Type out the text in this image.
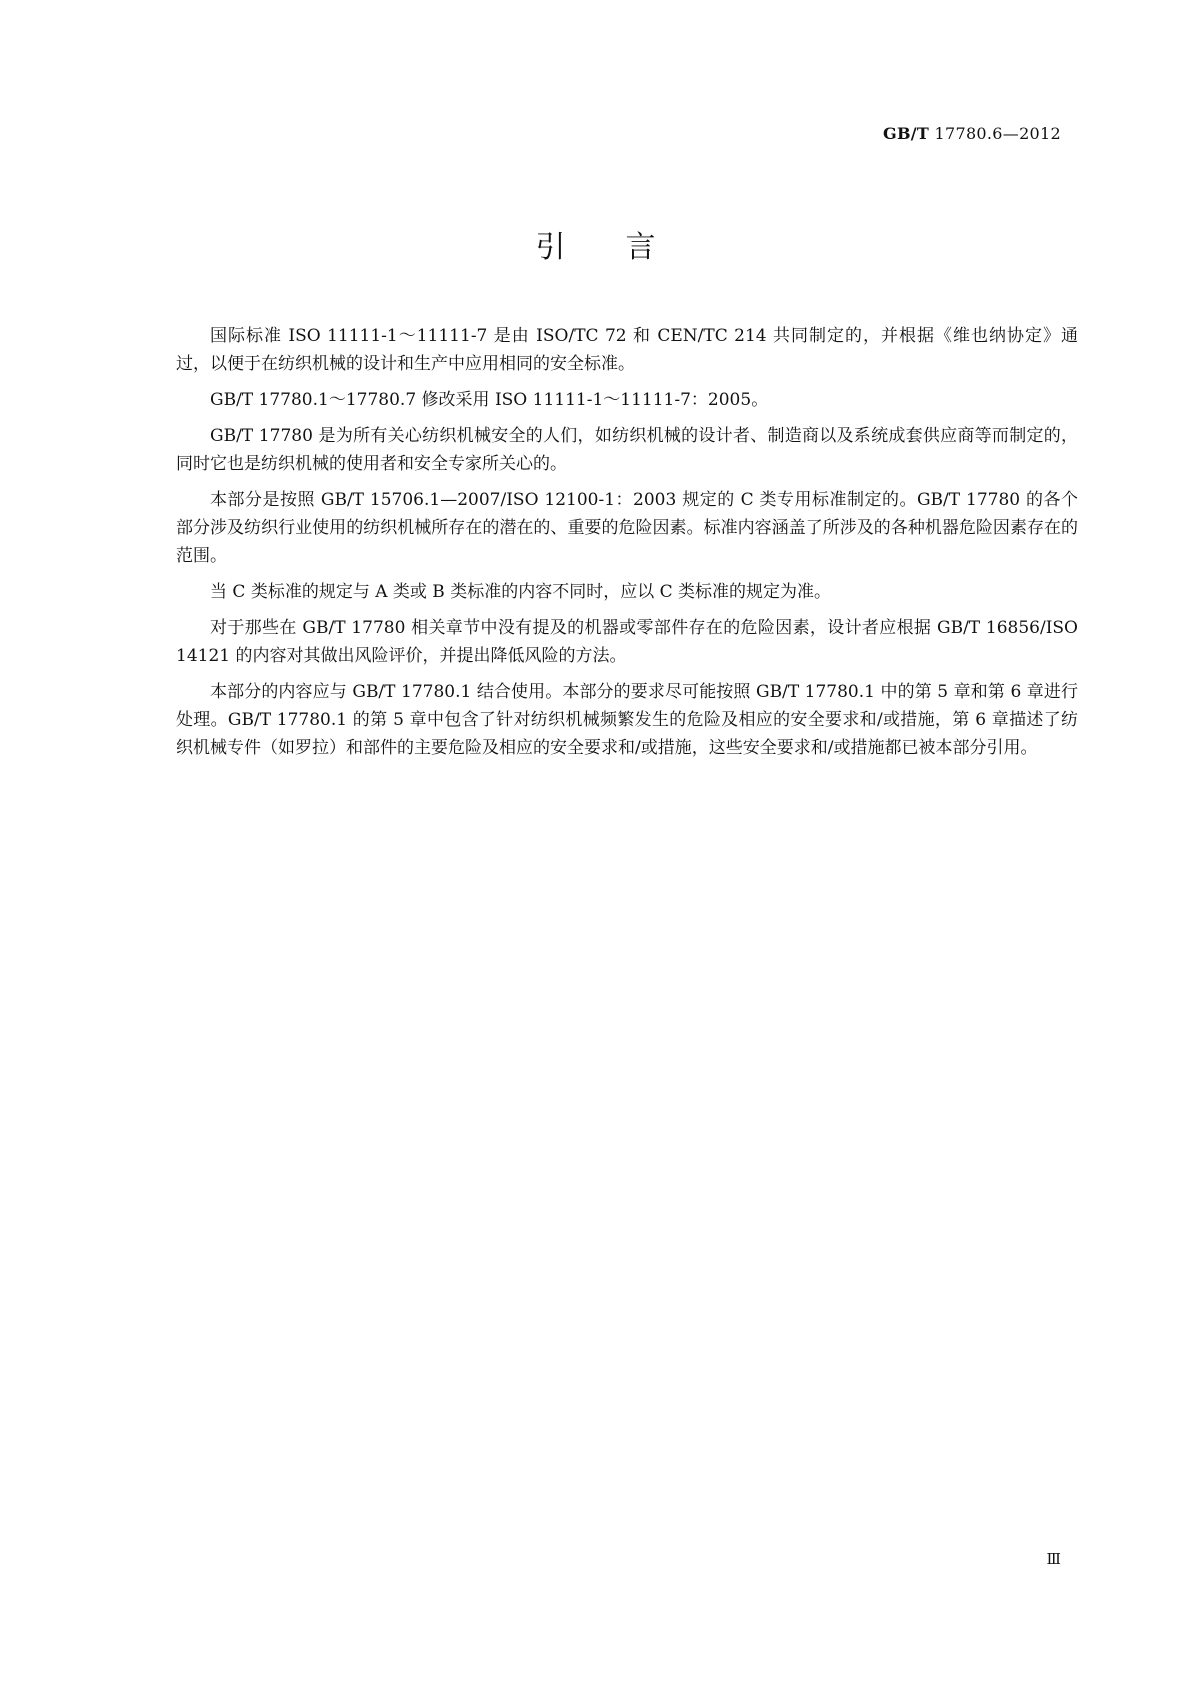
GB/T 17780.6—2012
引言

国际标准 ISO 11111-1～11111-7 是由 ISO/TC 72 和 CEN/TC 214 共同制定的，并根据《维也纳协定》通过，以便于在纺织机械的设计和生产中应用相同的安全标准。

GB/T 17780.1～17780.7 修改采用 ISO 11111-1～11111-7：2005。

GB/T 17780 是为所有关心纺织机械安全的人们，如纺织机械的设计者、制造商以及系统成套供应商等而制定的，同时它也是纺织机械的使用者和安全专家所关心的。

本部分是按照 GB/T 15706.1—2007/ISO 12100-1：2003 规定的 C 类专用标准制定的。GB/T 17780 的各个部分涉及纺织行业使用的纺织机械所存在的潜在的、重要的危险因素。标准内容涵盖了所涉及的各种机器危险因素存在的范围。

当 C 类标准的规定与 A 类或 B 类标准的内容不同时，应以 C 类标准的规定为准。

对于那些在 GB/T 17780 相关章节中没有提及的机器或零部件存在的危险因素，设计者应根据 GB/T 16856/ISO 14121 的内容对其做出风险评价，并提出降低风险的方法。

本部分的内容应与 GB/T 17780.1 结合使用。本部分的要求尽可能按照 GB/T 17780.1 中的第 5 章和第 6 章进行处理。GB/T 17780.1 的第 5 章中包含了针对纺织机械频繁发生的危险及相应的安全要求和/或措施，第 6 章描述了纺织机械专件（如罗拉）和部件的主要危险及相应的安全要求和/或措施，这些安全要求和/或措施都已被本部分引用。

Ⅲ
